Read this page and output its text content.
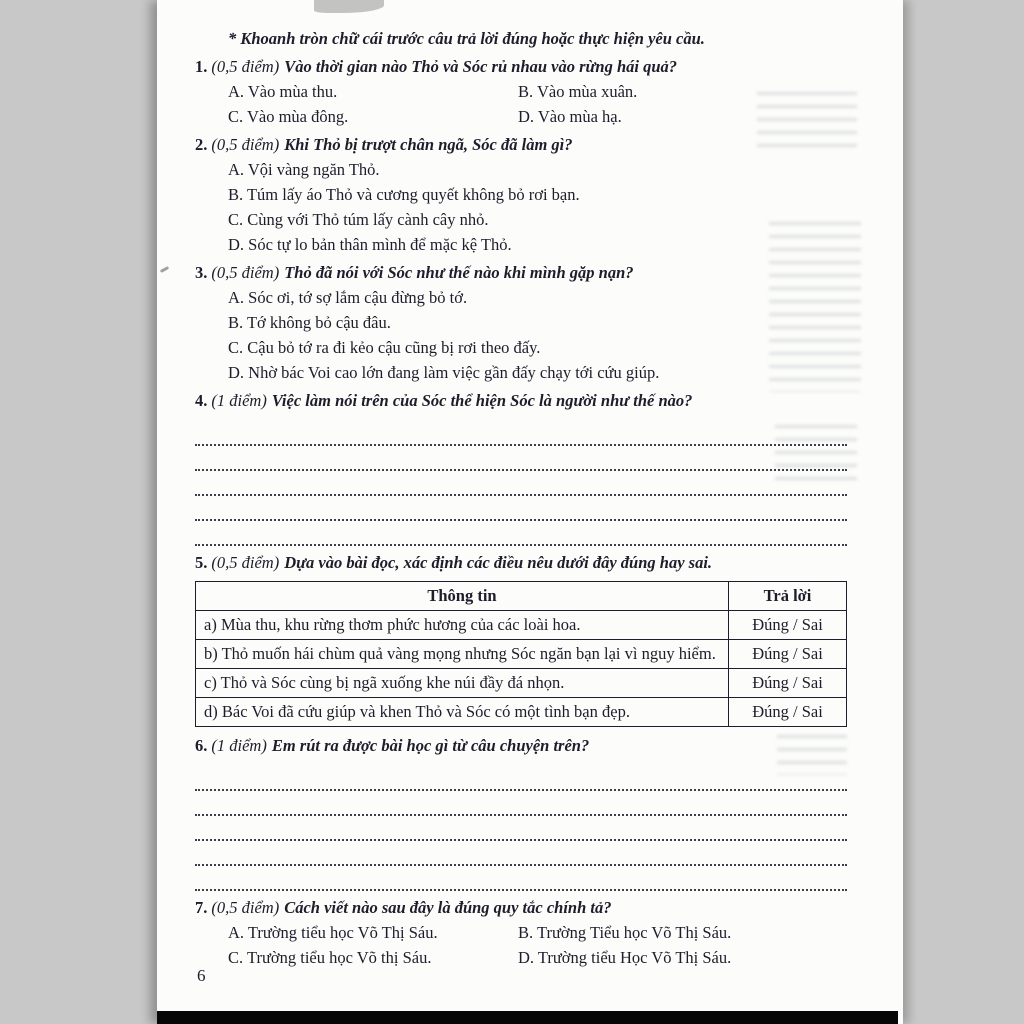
* Khoanh tròn chữ cái trước câu trả lời đúng hoặc thực hiện yêu cầu.

1. (0,5 điểm) Vào thời gian nào Thỏ và Sóc rủ nhau vào rừng hái quả?

A. Vào mùa thu.	B. Vào mùa xuân.
C. Vào mùa đông.	D. Vào mùa hạ.

2. (0,5 điểm) Khi Thỏ bị trượt chân ngã, Sóc đã làm gì?

A. Vội vàng ngăn Thỏ.
B. Túm lấy áo Thỏ và cương quyết không bỏ rơi bạn.
C. Cùng với Thỏ túm lấy cành cây nhỏ.
D. Sóc tự lo bản thân mình để mặc kệ Thỏ.

3. (0,5 điểm) Thỏ đã nói với Sóc như thế nào khi mình gặp nạn?

A. Sóc ơi, tớ sợ lắm cậu đừng bỏ tớ.
B. Tớ không bỏ cậu đâu.
C. Cậu bỏ tớ ra đi kẻo cậu cũng bị rơi theo đấy.
D. Nhờ bác Voi cao lớn đang làm việc gần đấy chạy tới cứu giúp.

4. (1 điểm) Việc làm nói trên của Sóc thể hiện Sóc là người như thế nào?

5. (0,5 điểm) Dựa vào bài đọc, xác định các điều nêu dưới đây đúng hay sai.

Thông tin	Trả lời
a) Mùa thu, khu rừng thơm phức hương của các loài hoa.	Đúng / Sai
b) Thỏ muốn hái chùm quả vàng mọng nhưng Sóc ngăn bạn lại vì nguy hiểm.	Đúng / Sai
c) Thỏ và Sóc cùng bị ngã xuống khe núi đầy đá nhọn.	Đúng / Sai
d) Bác Voi đã cứu giúp và khen Thỏ và Sóc có một tình bạn đẹp.	Đúng / Sai

6. (1 điểm) Em rút ra được bài học gì từ câu chuyện trên?

7. (0,5 điểm) Cách viết nào sau đây là đúng quy tắc chính tả?

A. Trường tiểu học Võ Thị Sáu.	B. Trường Tiểu học Võ Thị Sáu.
C. Trường tiểu học Võ thị Sáu.	D. Trường tiểu Học Võ Thị Sáu.
6
